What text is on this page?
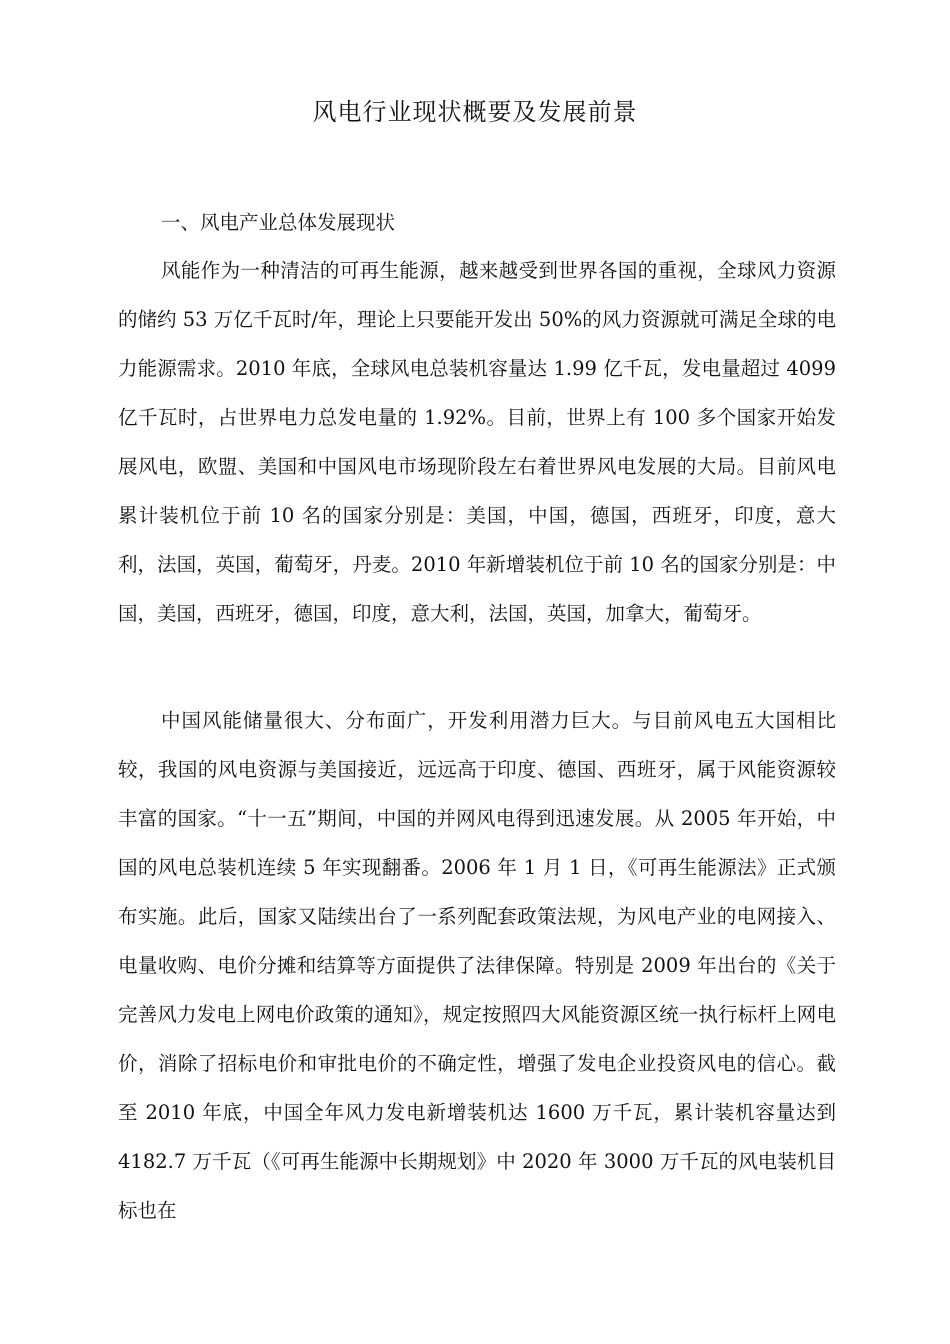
风电行业现状概要及发展前景
一、风电产业总体发展现状

风能作为一种清洁的可再生能源，越来越受到世界各国的重视，全球风力资源的储约 53 万亿千瓦时/年，理论上只要能开发出 50%的风力资源就可满足全球的电力能源需求。2010 年底，全球风电总装机容量达 1.99 亿千瓦，发电量超过 4099 亿千瓦时，占世界电力总发电量的 1.92%。目前，世界上有 100 多个国家开始发展风电，欧盟、美国和中国风电市场现阶段左右着世界风电发展的大局。目前风电累计装机位于前 10 名的国家分别是：美国，中国，德国，西班牙，印度，意大利，法国，英国，葡萄牙，丹麦。2010 年新增装机位于前 10 名的国家分别是：中国，美国，西班牙，德国，印度，意大利，法国，英国，加拿大，葡萄牙。

中国风能储量很大、分布面广，开发利用潜力巨大。与目前风电五大国相比较，我国的风电资源与美国接近，远远高于印度、德国、西班牙，属于风能资源较丰富的国家。“十一五”期间，中国的并网风电得到迅速发展。从 2005 年开始，中国的风电总装机连续 5 年实现翻番。2006 年 1 月 1 日，《可再生能源法》正式颁布实施。此后，国家又陆续出台了一系列配套政策法规，为风电产业的电网接入、电量收购、电价分摊和结算等方面提供了法律保障。特别是 2009 年出台的《关于完善风力发电上网电价政策的通知》，规定按照四大风能资源区统一执行标杆上网电价，消除了招标电价和审批电价的不确定性，增强了发电企业投资风电的信心。截至 2010 年底，中国全年风力发电新增装机达 1600 万千瓦，累计装机容量达到 4182.7 万千瓦（《可再生能源中长期规划》中 2020 年 3000 万千瓦的风电装机目标也在
